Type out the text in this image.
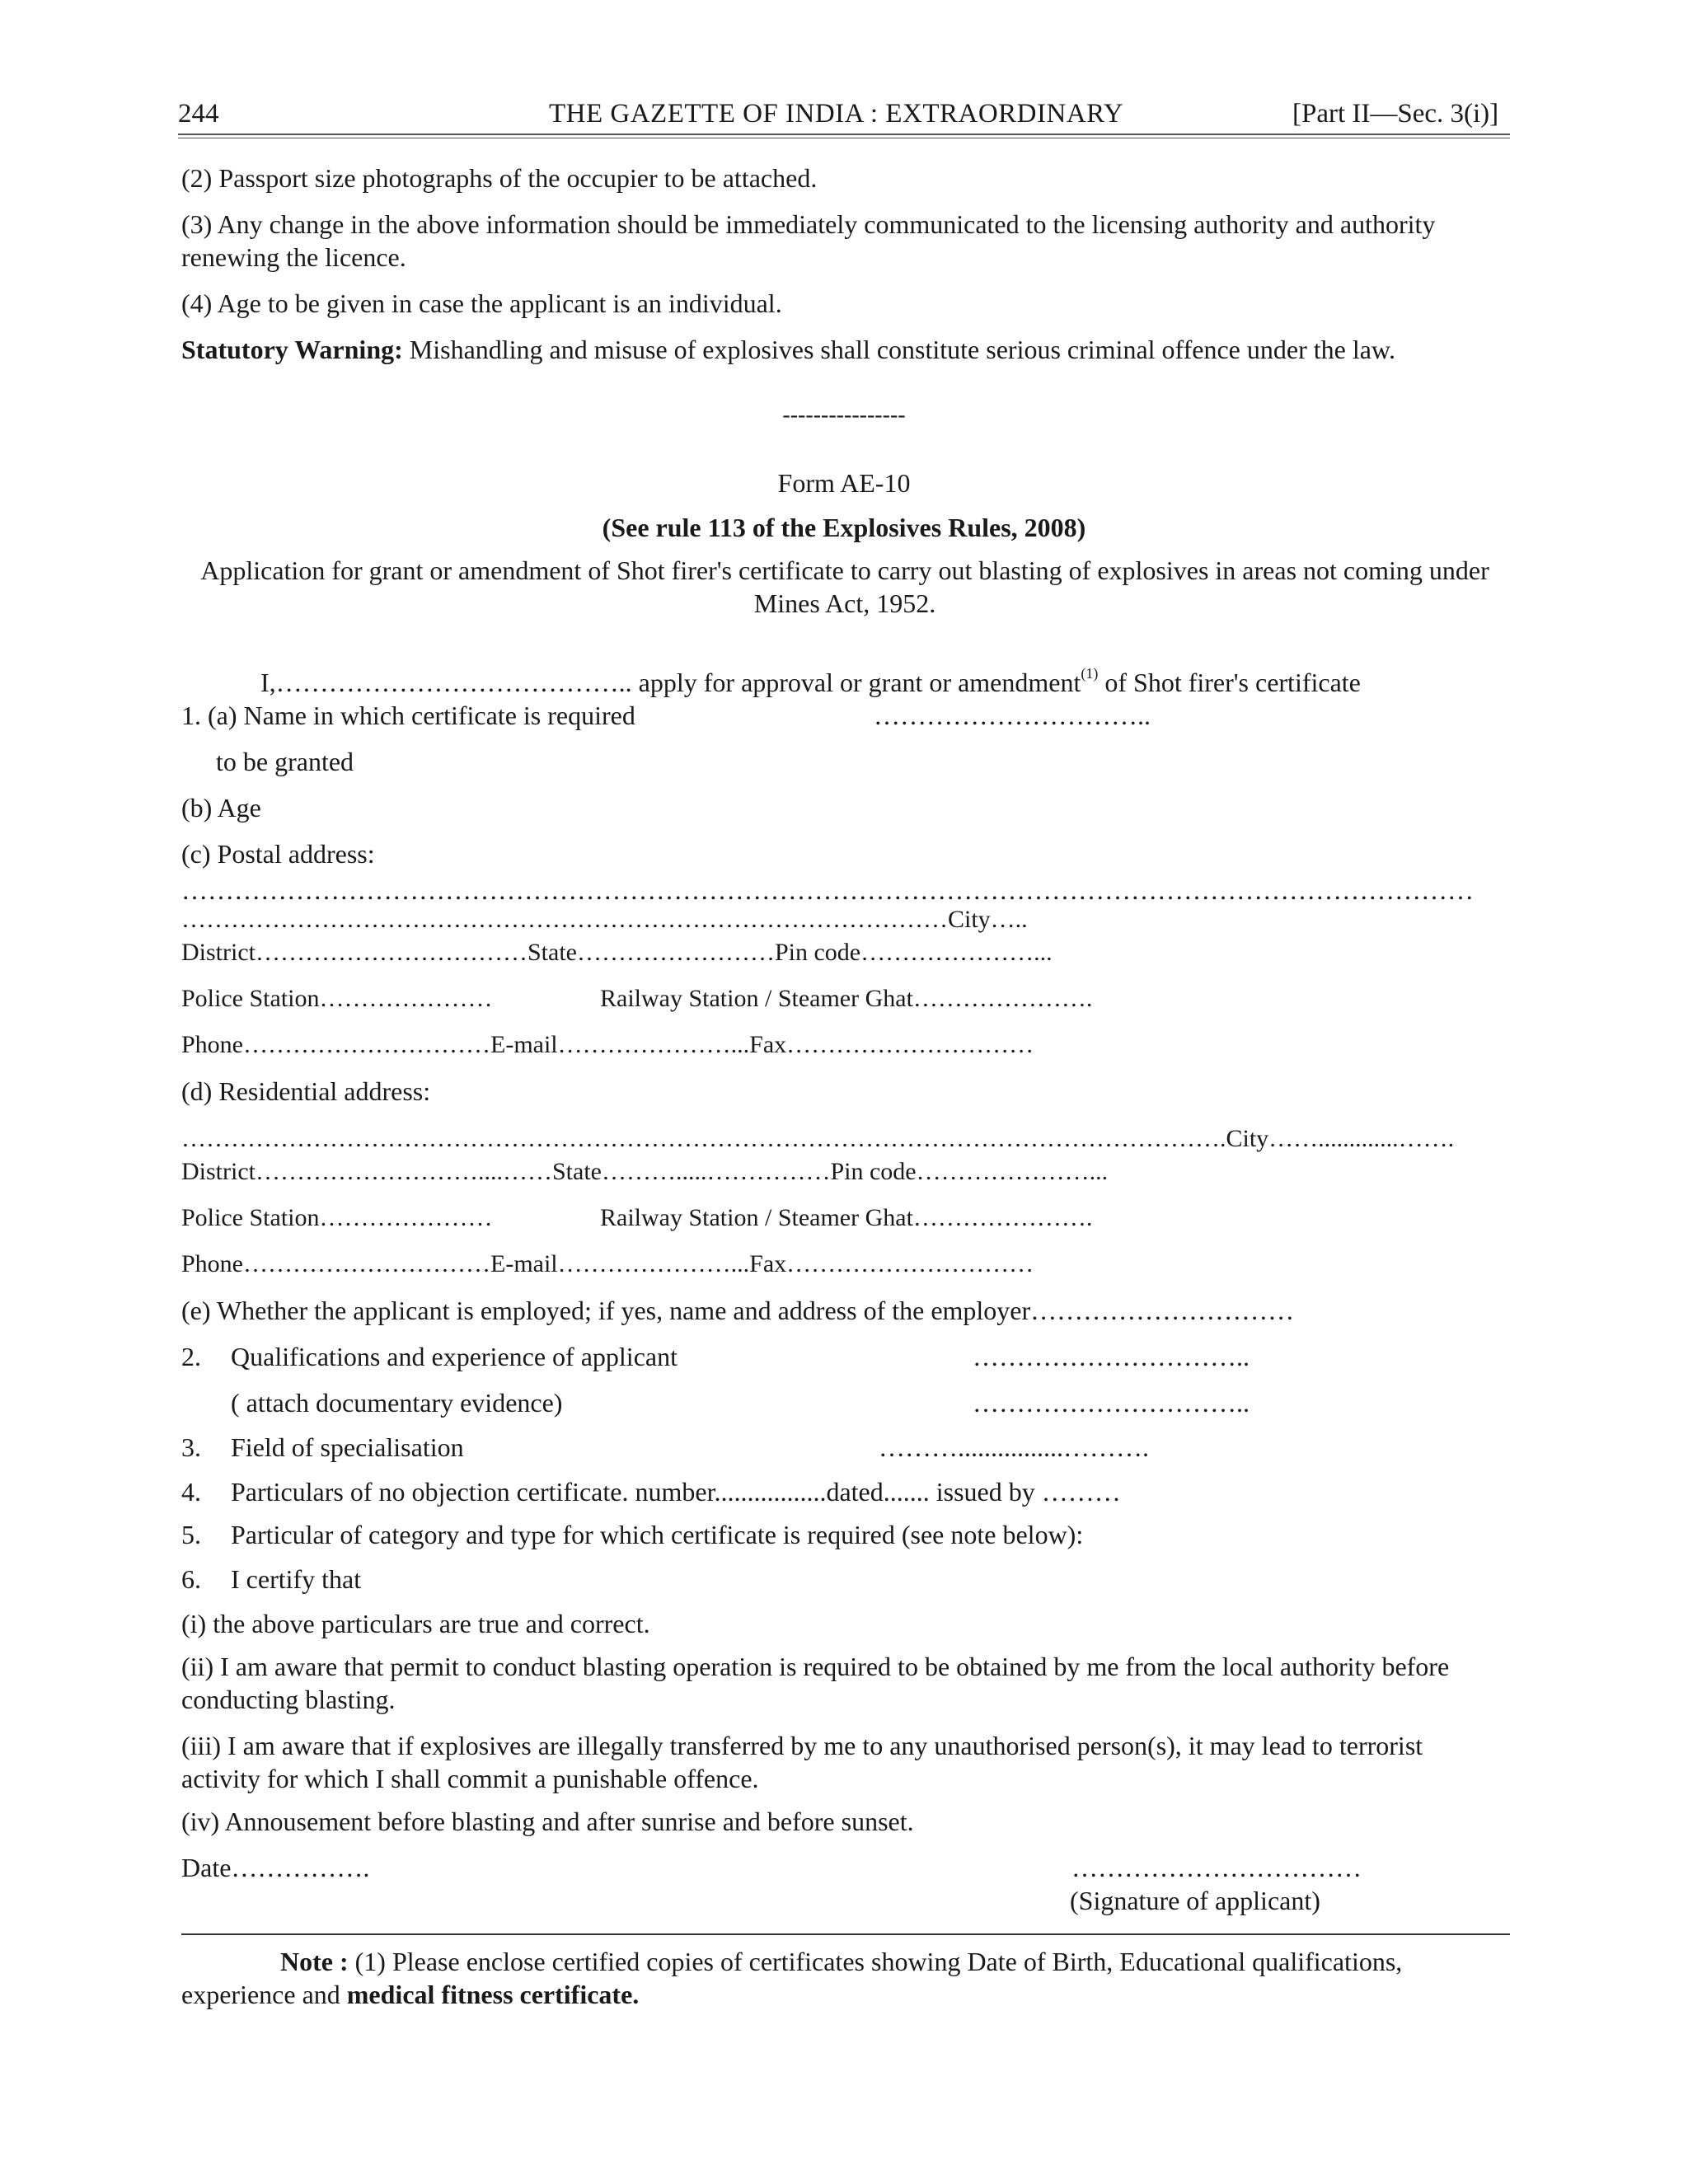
244	THE GAZETTE OF INDIA : EXTRAORDINARY	[Part II—Sec. 3(i)]
(2) Passport size photographs of the occupier to be attached.
(3) Any change in the above information should be immediately communicated to the licensing authority and authority renewing the licence.
(4) Age to be given in case the applicant is an individual.
Statutory Warning: Mishandling and misuse of explosives shall constitute serious criminal offence under the law.
----------------
Form AE-10
(See rule 113 of the Explosives Rules, 2008)
Application for grant or amendment of Shot firer's certificate to carry out blasting of explosives in areas not coming under Mines Act, 1952.
I,………………………………….. apply for approval or grant or amendment$^{(1)}$ of Shot firer's certificate
1. (a) Name in which certificate is required	…………………………..
to be granted
(b) Age
(c) Postal address:
…………………………………………………………………………………………………………………………………
…………………………………………………………………………………City…..
District……………………………State……………………Pin code…………………...
Police Station…………………	Railway Station / Steamer Ghat………………….
Phone…………………………E-mail…………………...Fax…………………………
(d) Residential address:
……………………………………………………………………………………………………………….City…….............…….
District………………………....……State……….....……………Pin code…………………...
Police Station…………………	Railway Station / Steamer Ghat………………….
Phone…………………………E-mail…………………...Fax…………………………
(e) Whether the applicant is employed; if yes, name and address of the employer…………………………
2. Qualifications and experience of applicant	…………………………..
( attach documentary evidence)	…………………………..
3. Field of specialisation	………................……….
4. Particulars of no objection certificate. number.................dated....... issued by ………
5. Particular of category and type for which certificate is required (see note below):
6. I certify that
(i) the above particulars are true and correct.
(ii) I am aware that permit to conduct blasting operation is required to be obtained by me from the local authority before conducting blasting.
(iii) I am aware that if explosives are illegally transferred by me to any unauthorised person(s), it may lead to terrorist activity for which I shall commit a punishable offence.
(iv) Annousement before blasting and after sunrise and before sunset.
Date…………….	……………………………
(Signature of applicant)
Note : (1) Please enclose certified copies of certificates showing Date of Birth, Educational qualifications, experience and medical fitness certificate.
